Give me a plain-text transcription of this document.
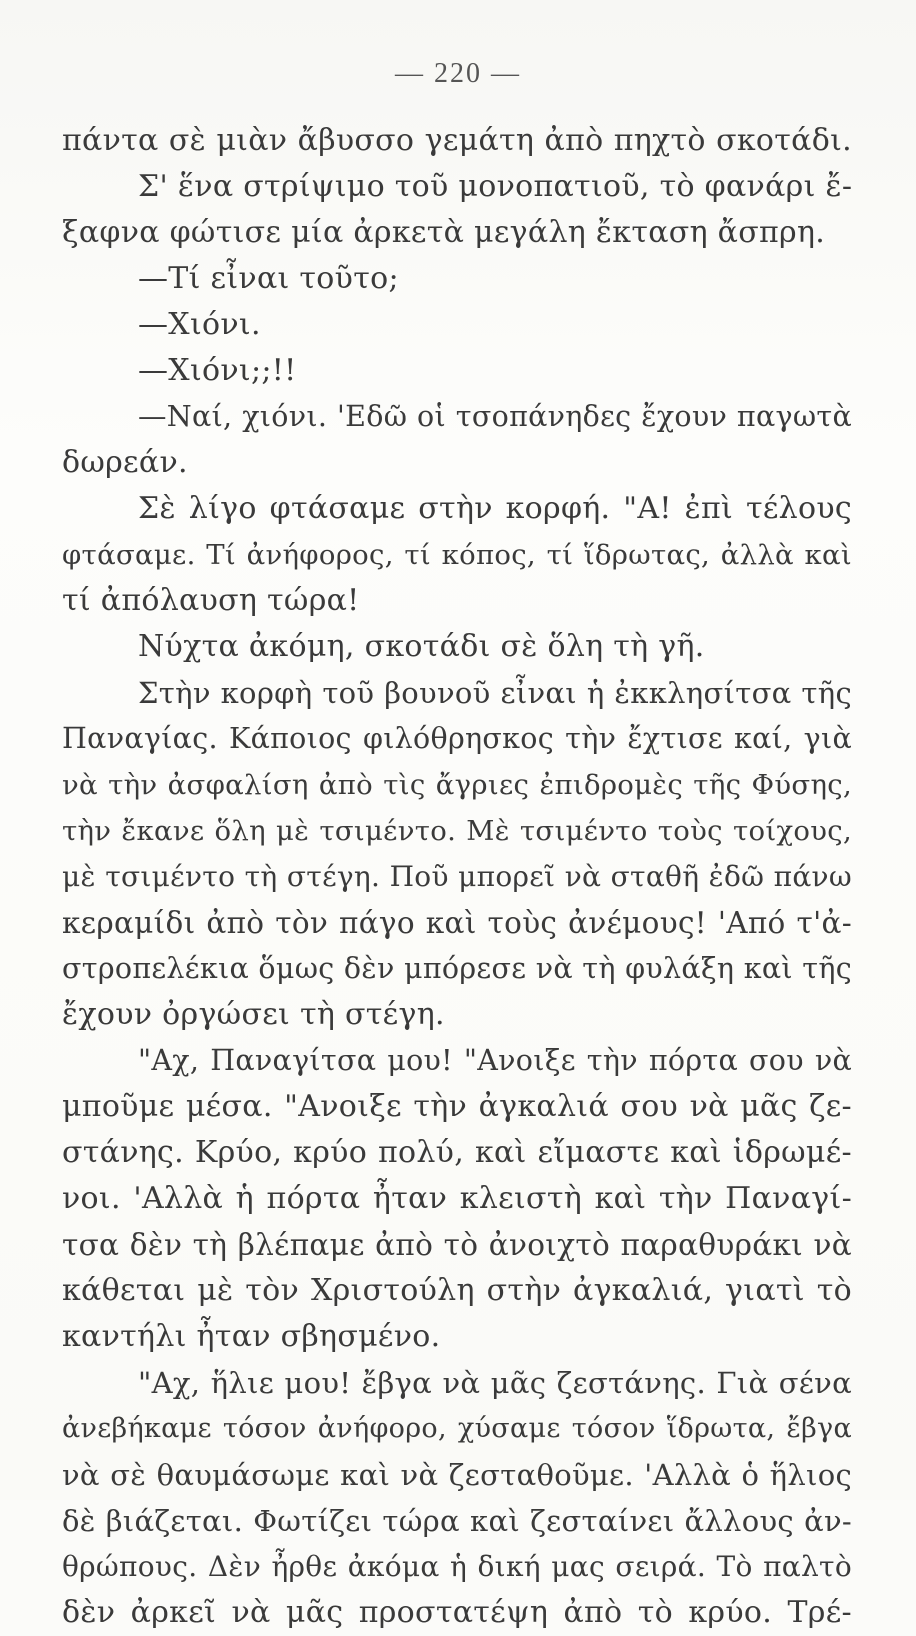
— 220 —
πάντα σὲ μιὰν ἄβυσσο γεμάτη ἀπὸ πηχτὸ σκοτάδι.
Σ' ἕνα στρίψιμο τοῦ μονοπατιοῦ, τὸ φανάρι ἔ-
ξαφνα φώτισε μία ἀρκετὰ μεγάλη ἔκταση ἄσπρη.
—Τί εἶναι τοῦτο;
—Χιόνι.
—Χιόνι;;!!
—Ναί, χιόνι. 'Εδῶ οἱ τσοπάνηδες ἔχουν παγωτὰ
δωρεάν.
Σὲ λίγο φτάσαμε στὴν κορφή. "Α! ἐπὶ τέλους
φτάσαμε. Τί ἀνήφορος, τί κόπος, τί ἵδρωτας, ἀλλὰ καὶ
τί ἀπόλαυση τώρα!
Νύχτα ἀκόμη, σκοτάδι σὲ ὅλη τὴ γῆ.
Στὴν κορφὴ τοῦ βουνοῦ εἶναι ἡ ἐκκλησίτσα τῆς
Παναγίας. Κάποιος φιλόθρησκος τὴν ἔχτισε καί, γιὰ
νὰ τὴν ἀσφαλίση ἀπὸ τὶς ἄγριες ἐπιδρομὲς τῆς Φύσης,
τὴν ἔκανε ὅλη μὲ τσιμέντο. Μὲ τσιμέντο τοὺς τοίχους,
μὲ τσιμέντο τὴ στέγη. Ποῦ μπορεῖ νὰ σταθῆ ἐδῶ πάνω
κεραμίδι ἀπὸ τὸν πάγο καὶ τοὺς ἀνέμους! 'Από τ'ἀ-
στροπελέκια ὅμως δὲν μπόρεσε νὰ τὴ φυλάξη καὶ τῆς
ἔχουν ὀργώσει τὴ στέγη.
"Αχ, Παναγίτσα μου! "Ανοιξε τὴν πόρτα σου νὰ
μποῦμε μέσα. "Ανοιξε τὴν ἀγκαλιά σου νὰ μᾶς ζε-
στάνης. Κρύο, κρύο πολύ, καὶ εἴμαστε καὶ ἱδρωμέ-
νοι. 'Αλλὰ ἡ πόρτα ἦταν κλειστὴ καὶ τὴν Παναγί-
τσα δὲν τὴ βλέπαμε ἀπὸ τὸ ἀνοιχτὸ παραθυράκι νὰ
κάθεται μὲ τὸν Χριστούλη στὴν ἀγκαλιά, γιατὶ τὸ
καντήλι ἦταν σβησμένο.
"Αχ, ἥλιε μου! ἔβγα νὰ μᾶς ζεστάνης. Γιὰ σένα
ἀνεβήκαμε τόσον ἀνήφορο, χύσαμε τόσον ἵδρωτα, ἔβγα
νὰ σὲ θαυμάσωμε καὶ νὰ ζεσταθοῦμε. 'Αλλὰ ὁ ἥλιος
δὲ βιάζεται. Φωτίζει τώρα καὶ ζεσταίνει ἄλλους ἀν-
θρώπους. Δὲν ἦρθε ἀκόμα ἡ δική μας σειρά. Τὸ παλτὸ
δὲν ἀρκεῖ νὰ μᾶς προστατέψη ἀπὸ τὸ κρύο. Τρέ-
